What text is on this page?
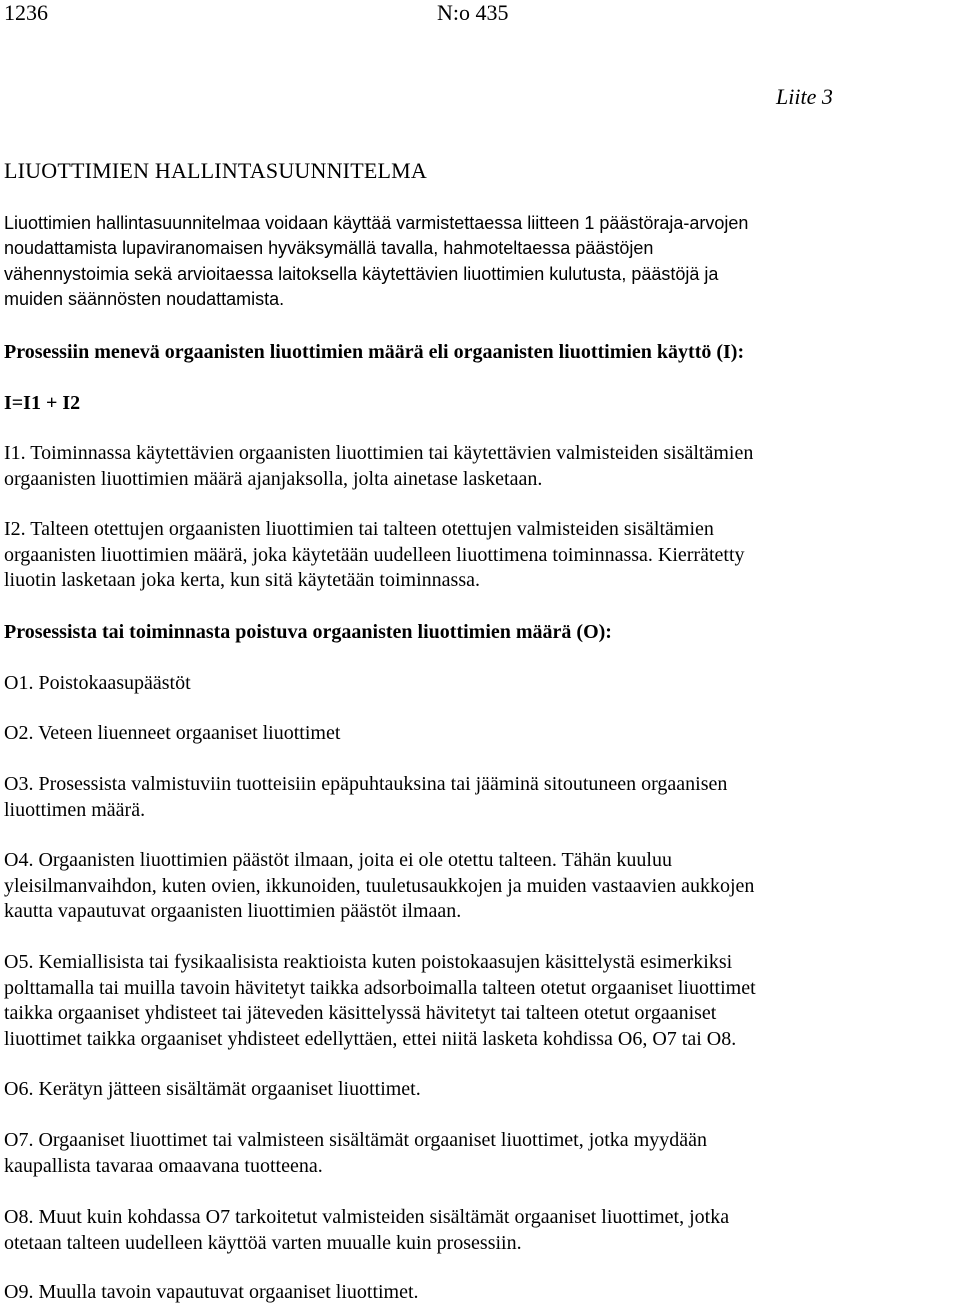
1236	N:o 435
Liite 3
LIUOTTIMIEN HALLINTASUUNNITELMA

Liuottimien hallintasuunnitelmaa voidaan käyttää varmistettaessa liitteen 1 päästöraja-arvojen

noudattamista lupaviranomaisen hyväksymällä tavalla, hahmoteltaessa päästöjen

vähennystoimia sekä arvioitaessa laitoksella käytettävien liuottimien kulutusta, päästöjä ja

muiden säännösten noudattamista.

Prosessiin menevä orgaanisten liuottimien määrä eli orgaanisten liuottimien käyttö (I):

I=I1 + I2

I1. Toiminnassa käytettävien orgaanisten liuottimien tai käytettävien valmisteiden sisältämien

orgaanisten liuottimien määrä ajanjaksolla, jolta ainetase lasketaan.

I2. Talteen otettujen orgaanisten liuottimien tai talteen otettujen valmisteiden sisältämien

orgaanisten liuottimien määrä, joka käytetään uudelleen liuottimena toiminnassa. Kierrätetty

liuotin lasketaan joka kerta, kun sitä käytetään toiminnassa.

Prosessista tai toiminnasta poistuva orgaanisten liuottimien määrä (O):

O1. Poistokaasupäästöt

O2. Veteen liuenneet orgaaniset liuottimet

O3. Prosessista valmistuviin tuotteisiin epäpuhtauksina tai jääminä sitoutuneen orgaanisen

liuottimen määrä.

O4. Orgaanisten liuottimien päästöt ilmaan, joita ei ole otettu talteen. Tähän kuuluu

yleisilmanvaihdon, kuten ovien, ikkunoiden, tuuletusaukkojen ja muiden vastaavien aukkojen

kautta vapautuvat orgaanisten liuottimien päästöt ilmaan.

O5. Kemiallisista tai fysikaalisista reaktioista kuten poistokaasujen käsittelystä esimerkiksi

polttamalla tai muilla tavoin hävitetyt taikka adsorboimalla talteen otetut orgaaniset liuottimet

taikka orgaaniset yhdisteet tai jäteveden käsittelyssä hävitetyt tai talteen otetut orgaaniset

liuottimet taikka orgaaniset yhdisteet edellyttäen, ettei niitä lasketa kohdissa O6, O7 tai O8.

O6. Kerätyn jätteen sisältämät orgaaniset liuottimet.

O7. Orgaaniset liuottimet tai valmisteen sisältämät orgaaniset liuottimet, jotka myydään

kaupallista tavaraa omaavana tuotteena.

O8. Muut kuin kohdassa O7 tarkoitetut valmisteiden sisältämät orgaaniset liuottimet, jotka

otetaan talteen uudelleen käyttöä varten muualle kuin prosessiin.

O9. Muulla tavoin vapautuvat orgaaniset liuottimet.
